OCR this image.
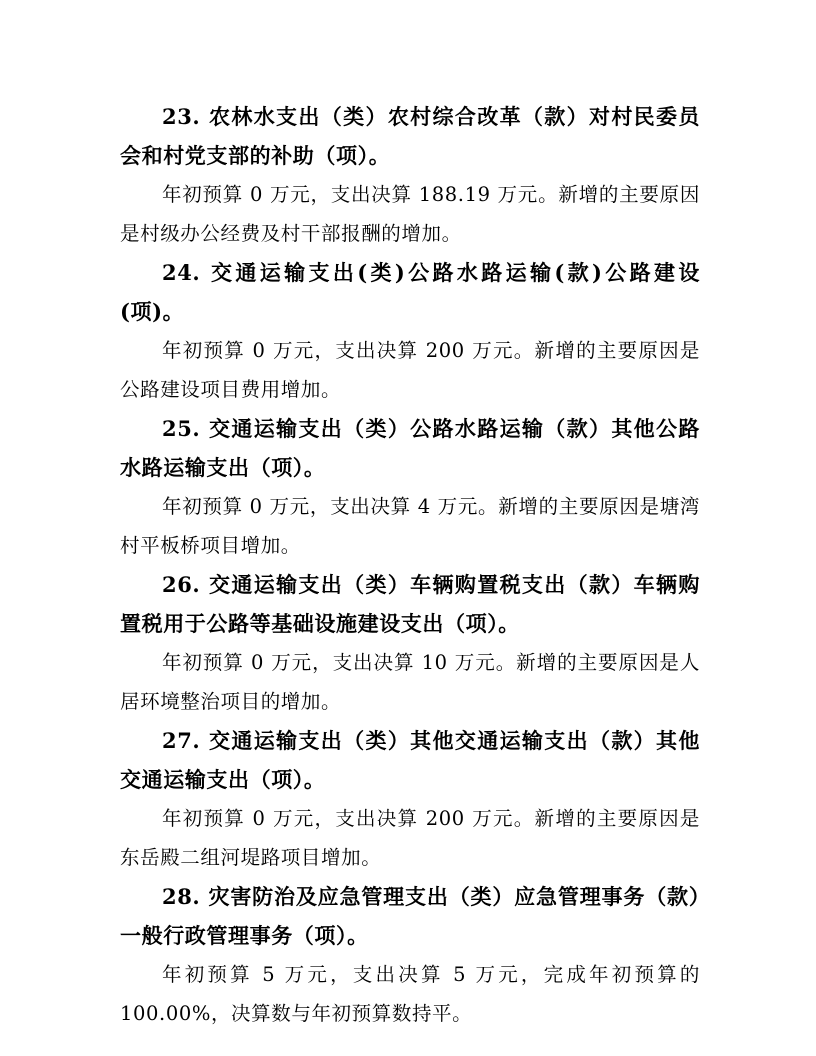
23. 农林水支出（类）农村综合改革（款）对村民委员会和村党支部的补助（项）。

年初预算 0 万元，支出决算 188.19 万元。新增的主要原因是村级办公经费及村干部报酬的增加。

24. 交通运输支出(类)公路水路运输(款)公路建设(项)。

年初预算 0 万元，支出决算 200 万元。新增的主要原因是公路建设项目费用增加。

25. 交通运输支出（类）公路水路运输（款）其他公路水路运输支出（项）。

年初预算 0 万元，支出决算 4 万元。新增的主要原因是塘湾村平板桥项目增加。

26. 交通运输支出（类）车辆购置税支出（款）车辆购置税用于公路等基础设施建设支出（项）。

年初预算 0 万元，支出决算 10 万元。新增的主要原因是人居环境整治项目的增加。

27. 交通运输支出（类）其他交通运输支出（款）其他交通运输支出（项）。

年初预算 0 万元，支出决算 200 万元。新增的主要原因是东岳殿二组河堤路项目增加。

28. 灾害防治及应急管理支出（类）应急管理事务（款）一般行政管理事务（项）。

年初预算 5 万元，支出决算 5 万元，完成年初预算的100.00%，决算数与年初预算数持平。
